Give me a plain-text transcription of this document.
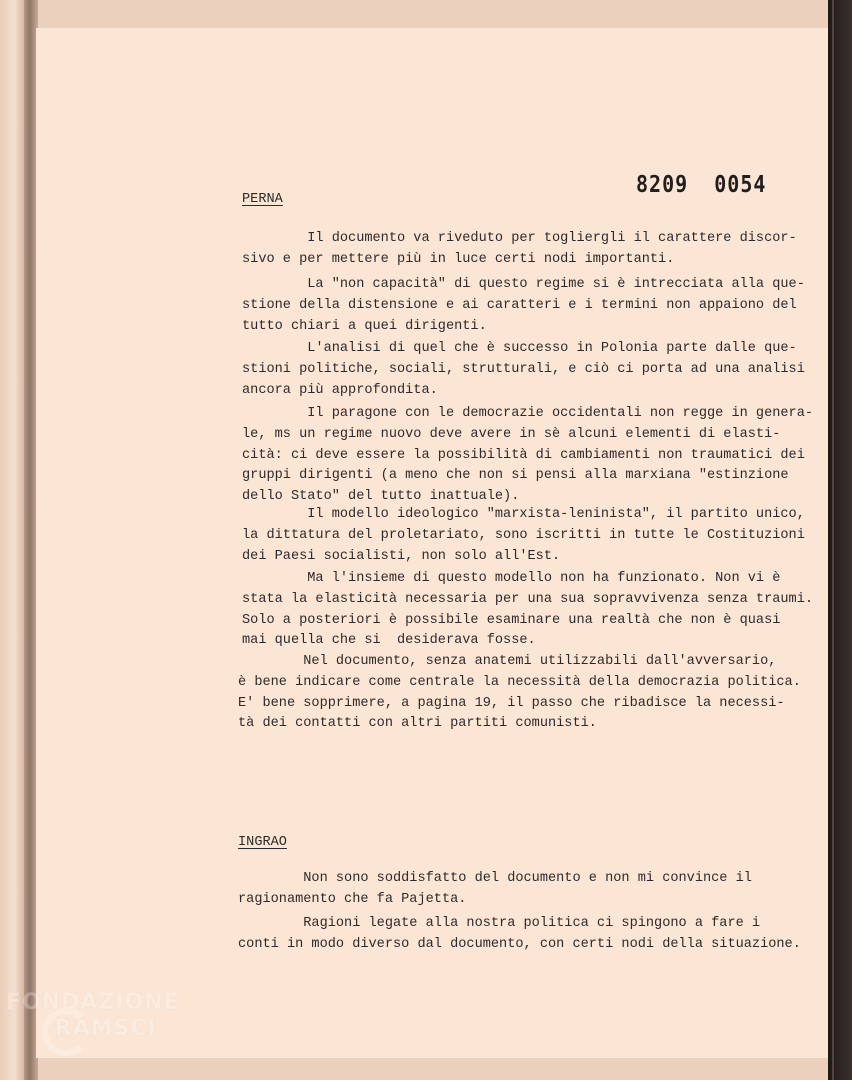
8209  0054
PERNA
Il documento va riveduto per togliergli il carattere discor-
sivo e per mettere più in luce certi nodi importanti.
La "non capacità" di questo regime si è intrecciata alla que-
stione della distensione e ai caratteri e i termini non appaiono del
tutto chiari a quei dirigenti.
L'analisi di quel che è successo in Polonia parte dalle que-
stioni politiche, sociali, strutturali, e ciò ci porta ad una analisi
ancora più approfondita.
Il paragone con le democrazie occidentali non regge in genera-
le, ms un regime nuovo deve avere in sè alcuni elementi di elasti-
cità: ci deve essere la possibilità di cambiamenti non traumatici dei
gruppi dirigenti (a meno che non si pensi alla marxiana "estinzione
dello Stato" del tutto inattuale).
Il modello ideologico "marxista-leninista", il partito unico,
la dittatura del proletariato, sono iscritti in tutte le Costituzioni
dei Paesi socialisti, non solo all'Est.
Ma l'insieme di questo modello non ha funzionato. Non vi è
stata la elasticità necessaria per una sua sopravvivenza senza traumi.
Solo a posteriori è possibile esaminare una realtà che non è quasi
mai quella che si  desiderava fosse.
Nel documento, senza anatemi utilizzabili dall'avversario,
è bene indicare come centrale la necessità della democrazia politica.
E' bene sopprimere, a pagina 19, il passo che ribadisce la necessi-
tà dei contatti con altri partiti comunisti.
INGRAO
Non sono soddisfatto del documento e non mi convince il
ragionamento che fa Pajetta.
Ragioni legate alla nostra politica ci spingono a fare i
conti in modo diverso dal documento, con certi nodi della situazione.
FONDAZIONE
RAMSCI
